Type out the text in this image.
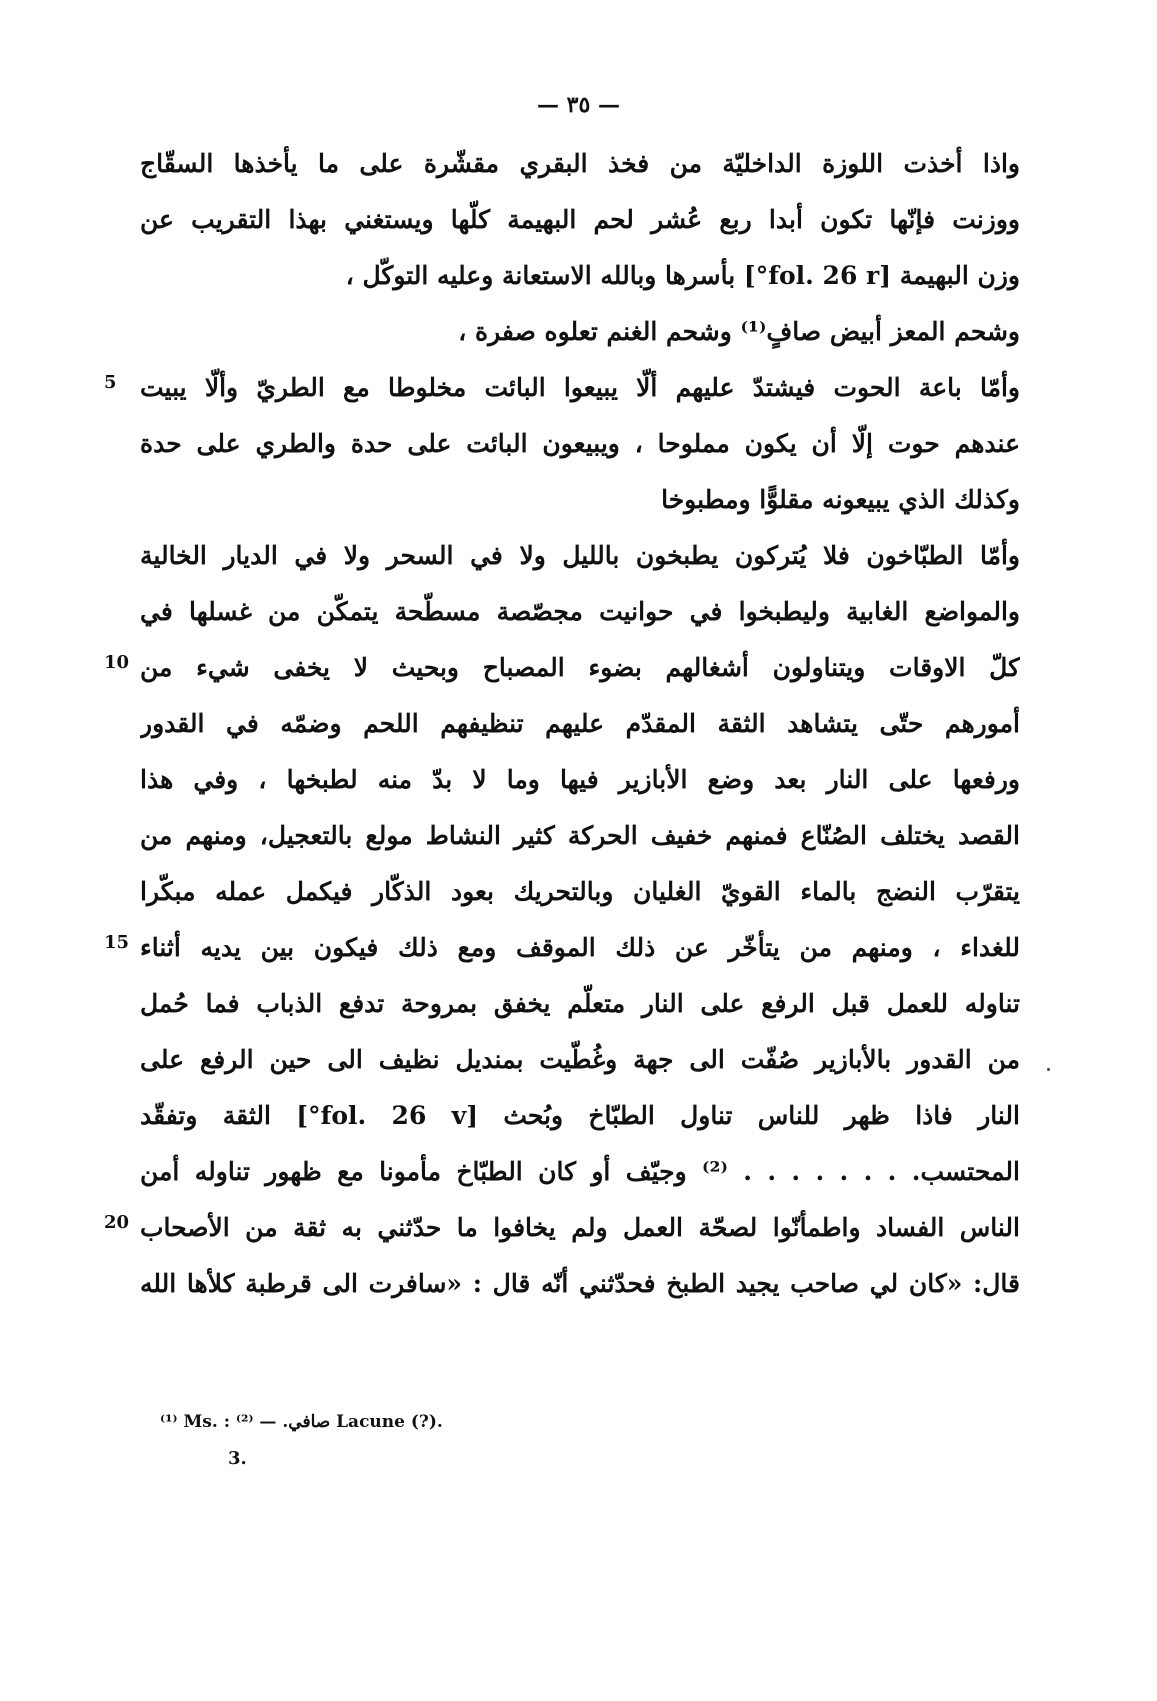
— ٣٥ —
واذا أخذت اللوزة الداخليّة من فخذ البقري مقشّرة على ما يأخذها السقّاج
ووزنت فإنّها تكون أبدا ربع عُشر لحم البهيمة كلّها ويستغني بهذا التقريب عن
وزن البهيمة [fol. 26 r°] بأسرها وبالله الاستعانة وعليه التوكّل ،
وشحم المعز أبيض صافٍ⁽¹⁾ وشحم الغنم تعلوه صفرة ،
وأمّا باعة الحوت فيشتدّ عليهم ألّا يبيعوا البائت مخلوطا مع الطريّ وألّا يبيت
5
عندهم حوت إلّا أن يكون مملوحا ، ويبيعون البائت على حدة والطري على حدة
وكذلك الذي يبيعونه مقلوًّا ومطبوخا
وأمّا الطبّاخون فلا يُتركون يطبخون بالليل ولا في السحر ولا في الديار الخالية
والمواضع الغابية وليطبخوا في حوانيت مجصّصة مسطّحة يتمكّن من غسلها في
كلّ الاوقات ويتناولون أشغالهم بضوء المصباح وبحيث لا يخفى شيء من
10
أمورهم حتّى يتشاهد الثقة المقدّم عليهم تنظيفهم اللحم وضمّه في القدور
ورفعها على النار بعد وضع الأبازير فيها وما لا بدّ منه لطبخها ، وفي هذا
القصد يختلف الصُنّاع فمنهم خفيف الحركة كثير النشاط مولع بالتعجيل، ومنهم من
يتقرّب النضج بالماء القويّ الغليان وبالتحريك بعود الذكّار فيكمل عمله مبكّرا
للغداء ، ومنهم من يتأخّر عن ذلك الموقف ومع ذلك فيكون بين يديه أثناء
15
تناوله للعمل قبل الرفع على النار متعلّم يخفق بمروحة تدفع الذباب فما حُمل
من القدور بالأبازير صُفّت الى جهة وغُطّيت بمنديل نظيف الى حين الرفع على
النار فاذا ظهر للناس تناول الطبّاخ وبُحث [fol. 26 v°] الثقة وتفقّد
المحتسب. . . . . . . . ⁽²⁾ وجيّف أو كان الطبّاخ مأمونا مع ظهور تناوله أمن
الناس الفساد واطمأنّوا لصحّة العمل ولم يخافوا ما حدّثني به ثقة من الأصحاب
20
قال: «كان لي صاحب يجيد الطبخ فحدّثني أنّه قال : «سافرت الى قرطبة كلأها الله
⁽¹⁾ Ms. : صافي. — ⁽²⁾ Lacune (?).
3.
